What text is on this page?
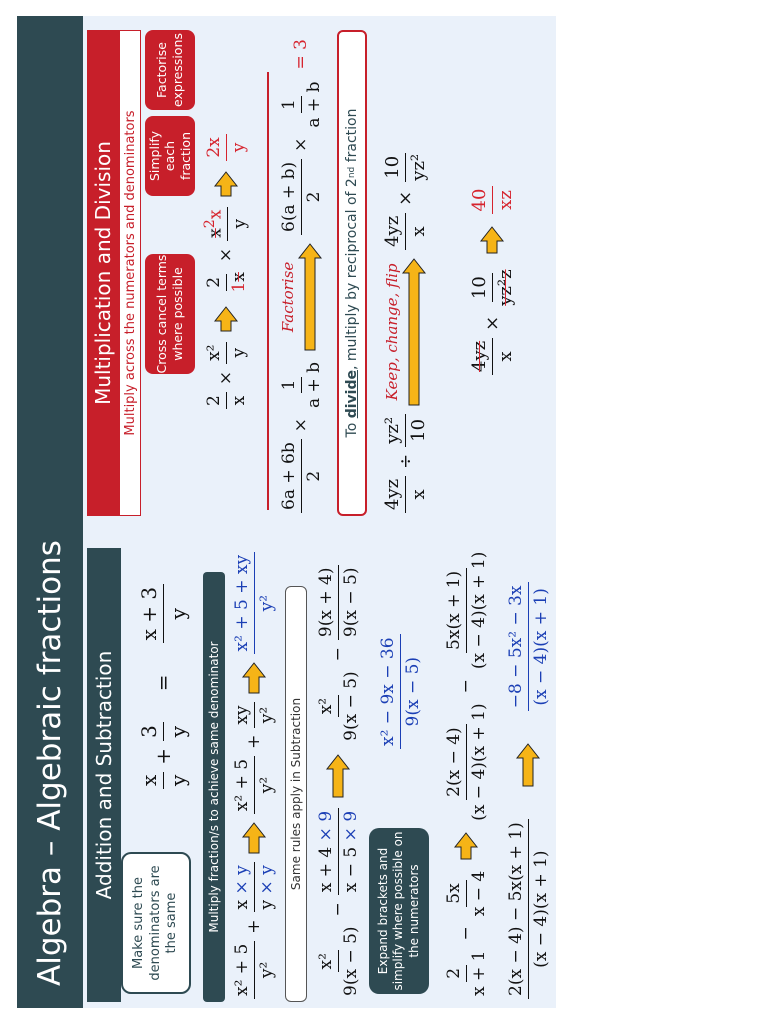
Algebra – Algebraic fractions	Addition and Subtraction
Make sure the denominators are the same
x y
+
3 y
=
x + 3 y
Multiply fraction/s to achieve same denominator
x² + 5 y²
+
x × y
y × y
x² + 5 y²
+
xy y²
x² + 5 + xy y²
Same rules apply in Subtraction
x² 9(x − 5)
−
x + 4 × 9
x − 5 × 9
x² 9(x − 5)
−
9(x + 4) 9(x − 5)
Expand brackets and simplify where possible on the numerators
x² − 9x − 36 9(x − 5)
2 x + 1
−
5x x − 4
2(x − 4) (x − 4)(x + 1)
−
5x(x + 1) (x − 4)(x + 1)
2(x − 4) − 5x(x + 1) (x − 4)(x + 1)
−8 − 5x² − 3x (x − 4)(x + 1)
Multiplication and Division Multiply across the numerators and denominators	Cross cancel terms where possible
Simplify each fraction
Factorise expressions
2 x
×
x² y
2 1x
×
$x^2x$
y
2x y
6a + 6b 2
×
1 a + b
Factorise
6(a + b) 2
×
1 a + b
= 3
To
divide
, multiply by reciprocal of 2
nd
fraction
4yz x
÷
yz² 10
Keep, change, flip
4yz x
×
10 yz²
4yz x
×
10 yz²z
40 xz
